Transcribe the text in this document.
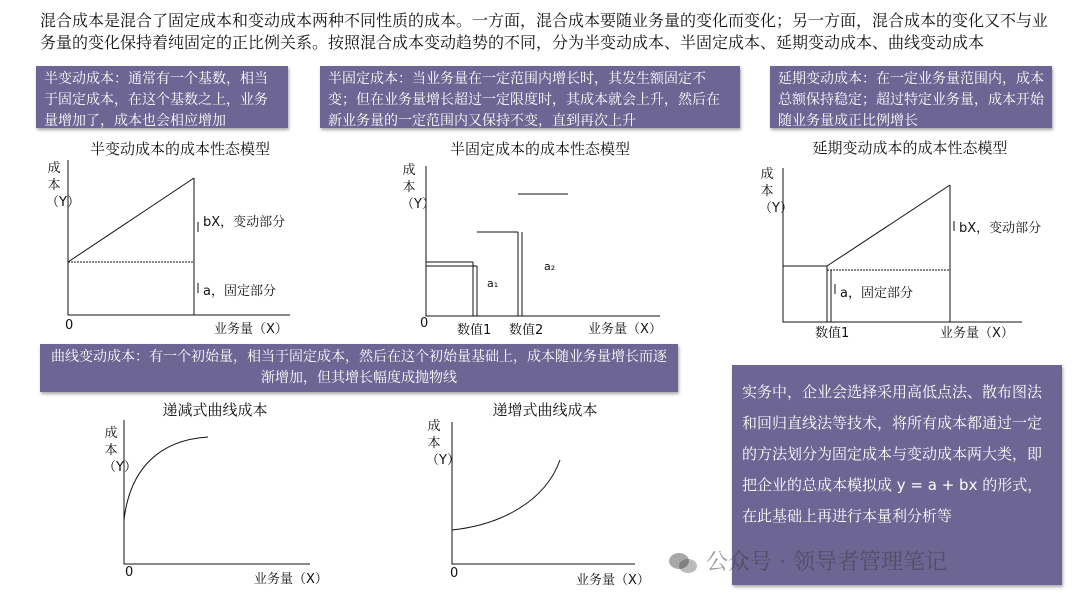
混合成本是混合了固定成本和变动成本两种不同性质的成本。一方面，混合成本要随业务量的变化而变化；另一方面，混合成本的变化又不与业务量的变化保持着纯固定的正比例关系。按照混合成本变动趋势的不同，分为半变动成本、半固定成本、延期变动成本、曲线变动成本

半变动成本：通常有一个基数，相当于固定成本，在这个基数之上，业务量增加了，成本也会相应增加

半固定成本：当业务量在一定范围内增长时，其发生额固定不变；但在业务量增长超过一定限度时，其成本就会上升，然后在新业务量的一定范围内又保持不变，直到再次上升

延期变动成本：在一定业务量范围内，成本总额保持稳定；超过特定业务量，成本开始随业务量成正比例增长

曲线变动成本：有一个初始量，相当于固定成本，然后在这个初始量基础上，成本随业务量增长而逐渐增加，但其增长幅度成抛物线

半变动成本的成本性态模型	半固定成本的成本性态模型	延期变动成本的成本性态模型

递减式曲线成本	递增式曲线成本

成本（Y）
成本（Y）
成本（Y）
成本（Y）
成本（Y）
bX，变动部分
a，固定部分
0	业务量（X）
a₁
a₂
0 数值1 数值2	业务量（X）
bX，变动部分
a，固定部分
数值1	业务量（X）
0	业务量（X）	0	业务量（X）

实务中，企业会选择采用高低点法、散布图法和回归直线法等技术，将所有成本都通过一定的方法划分为固定成本与变动成本两大类，即把企业的总成本模拟成 y = a + bx 的形式，在此基础上再进行本量利分析等

公众号 · 领导者管理笔记
